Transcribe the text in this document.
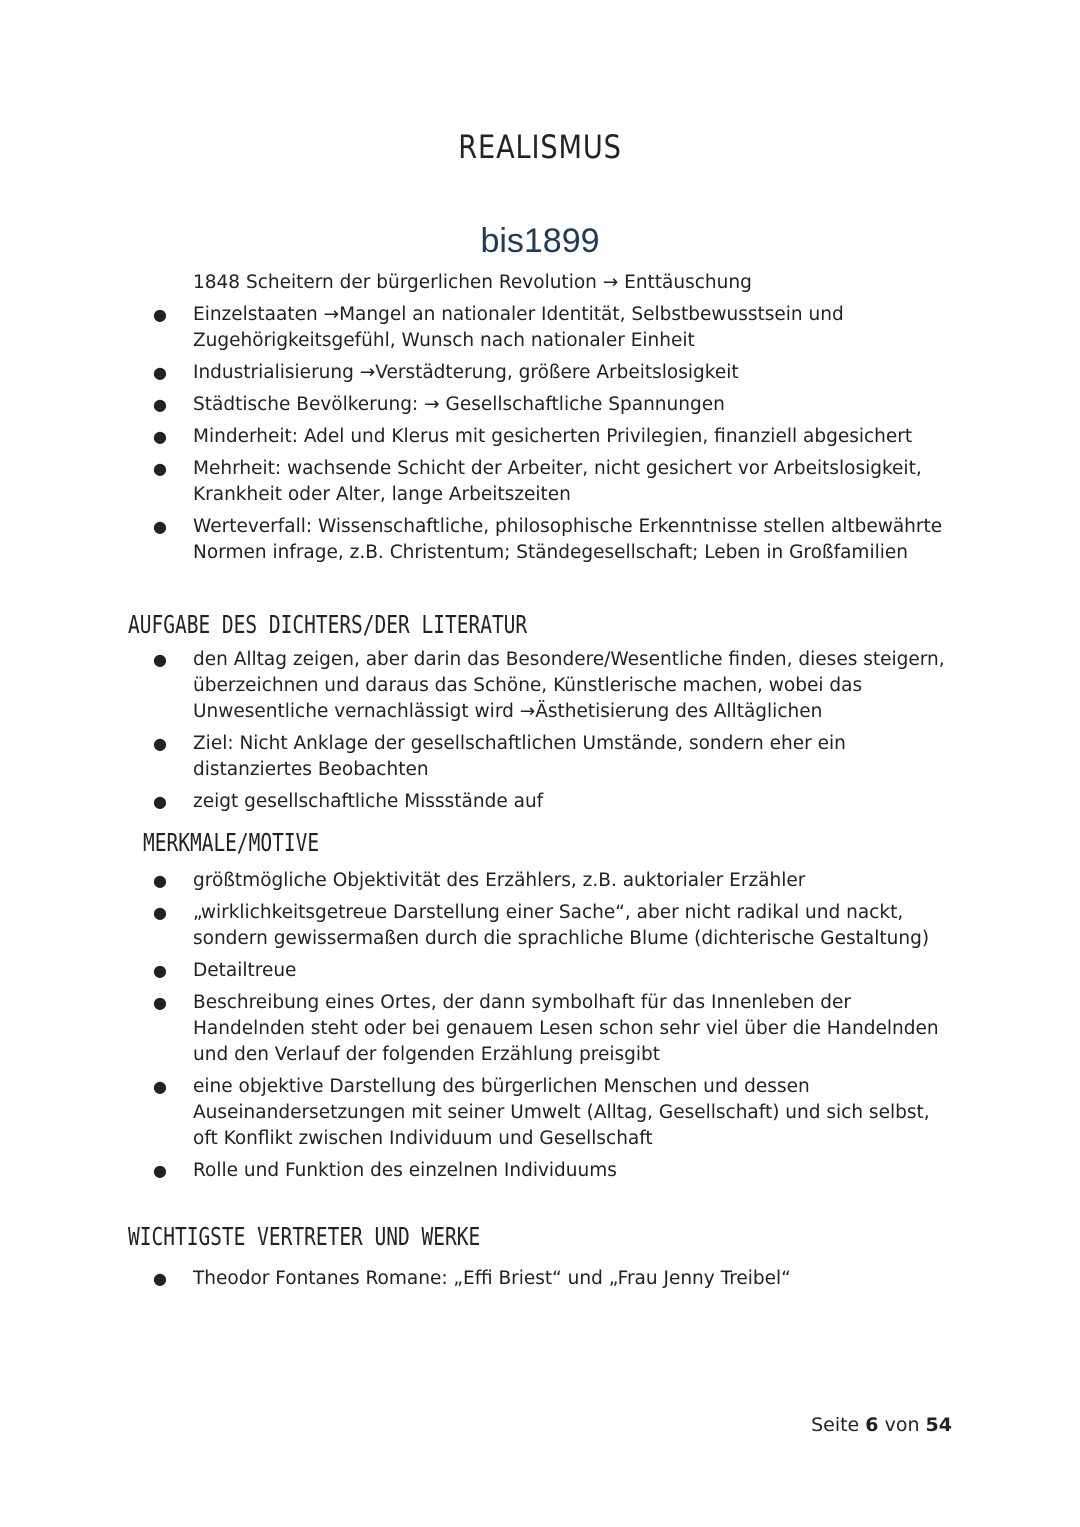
REALISMUS
bis1899
1848 Scheitern der bürgerlichen Revolution → Enttäuschung
● Einzelstaaten →Mangel an nationaler Identität, Selbstbewusstsein und Zugehörigkeitsgefühl, Wunsch nach nationaler Einheit
● Industrialisierung →Verstädterung, größere Arbeitslosigkeit
● Städtische Bevölkerung: → Gesellschaftliche Spannungen
● Minderheit: Adel und Klerus mit gesicherten Privilegien, finanziell abgesichert
● Mehrheit: wachsende Schicht der Arbeiter, nicht gesichert vor Arbeitslosigkeit, Krankheit oder Alter, lange Arbeitszeiten
● Werteverfall: Wissenschaftliche, philosophische Erkenntnisse stellen altbewährte Normen infrage, z.B. Christentum; Ständegesellschaft; Leben in Großfamilien
AUFGABE DES DICHTERS/DER LITERATUR
● den Alltag zeigen, aber darin das Besondere/Wesentliche finden, dieses steigern, überzeichnen und daraus das Schöne, Künstlerische machen, wobei das Unwesentliche vernachlässigt wird →Ästhetisierung des Alltäglichen
● Ziel: Nicht Anklage der gesellschaftlichen Umstände, sondern eher ein distanziertes Beobachten
● zeigt gesellschaftliche Missstände auf
MERKMALE/MOTIVE
● größtmögliche Objektivität des Erzählers, z.B. auktorialer Erzähler
● „wirklichkeitsgetreue Darstellung einer Sache“, aber nicht radikal und nackt, sondern gewissermaßen durch die sprachliche Blume (dichterische Gestaltung)
● Detailtreue
● Beschreibung eines Ortes, der dann symbolhaft für das Innenleben der Handelnden steht oder bei genauem Lesen schon sehr viel über die Handelnden und den Verlauf der folgenden Erzählung preisgibt
● eine objektive Darstellung des bürgerlichen Menschen und dessen Auseinandersetzungen mit seiner Umwelt (Alltag, Gesellschaft) und sich selbst, oft Konflikt zwischen Individuum und Gesellschaft
● Rolle und Funktion des einzelnen Individuums
WICHTIGSTE VERTRETER UND WERKE
● Theodor Fontanes Romane: „Effi Briest“ und „Frau Jenny Treibel“
Seite 6 von 54
